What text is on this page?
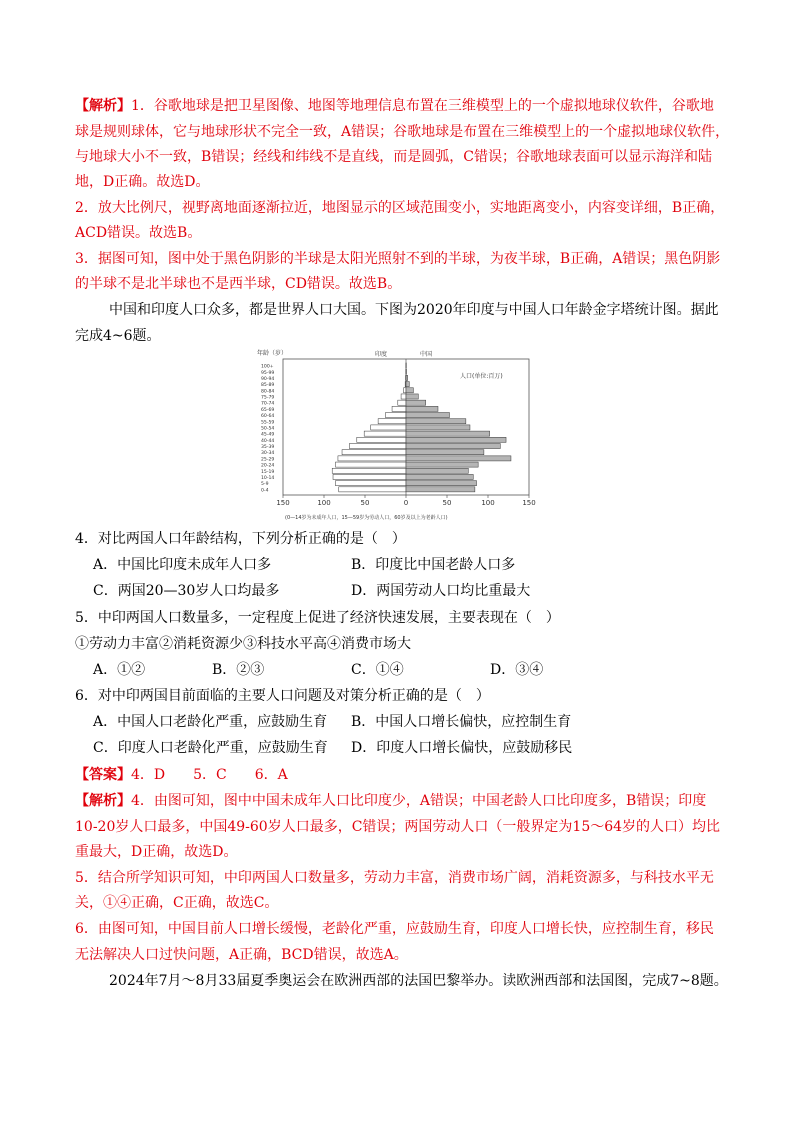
【解析】1．谷歌地球是把卫星图像、地图等地理信息布置在三维模型上的一个虚拟地球仪软件，谷歌地
球是规则球体，它与地球形状不完全一致，A错误；谷歌地球是布置在三维模型上的一个虚拟地球仪软件，
与地球大小不一致，B错误；经线和纬线不是直线，而是圆弧，C错误；谷歌地球表面可以显示海洋和陆
地，D正确。故选D。
2．放大比例尺，视野离地面逐渐拉近，地图显示的区域范围变小，实地距离变小，内容变详细，B正确，
ACD错误。故选B。
3．据图可知，图中处于黑色阴影的半球是太阳光照射不到的半球，为夜半球，B正确，A错误；黑色阴影
的半球不是北半球也不是西半球，CD错误。故选B。
中国和印度人口众多，都是世界人口大国。下图为2020年印度与中国人口年龄金字塔统计图。据此
完成4~6题。
年龄（岁）	印度	中国
人口(单位:百万)
0-4
5-9
10-14
15-19
20-24
25-29
30-34
35-39
40-44
45-49
50-54
55-59
60-64
65-69
70-74
75-79
80-84
85-89
90-94
95-99
100+
150	100	50	0	50	100	150
(0—14岁为未成年人口，15—59岁为劳动人口，60岁及以上为老龄人口)
4．对比两国人口年龄结构，下列分析正确的是（　）
A．中国比印度未成年人口多	B．印度比中国老龄人口多
C．两国20—30岁人口均最多	D．两国劳动人口均比重最大
5．中印两国人口数量多，一定程度上促进了经济快速发展，主要表现在（　）
①劳动力丰富②消耗资源少③科技水平高④消费市场大
A．①②	B．②③	C．①④	D．③④
6．对中印两国目前面临的主要人口问题及对策分析正确的是（　）
A．中国人口老龄化严重，应鼓励生育 B．中国人口增长偏快，应控制生育
C．印度人口老龄化严重，应鼓励生育 D．印度人口增长偏快，应鼓励移民
【答案】4．D　　5．C　　6．A
【解析】4．由图可知，图中中国未成年人口比印度少，A错误；中国老龄人口比印度多，B错误；印度
10-20岁人口最多，中国49-60岁人口最多，C错误；两国劳动人口（一般界定为15～64岁的人口）均比
重最大，D正确，故选D。
5．结合所学知识可知，中印两国人口数量多，劳动力丰富，消费市场广阔，消耗资源多，与科技水平无
关，①④正确，C正确，故选C。
6．由图可知，中国目前人口增长缓慢，老龄化严重，应鼓励生育，印度人口增长快，应控制生育，移民
无法解决人口过快问题，A正确，BCD错误，故选A。
2024年7月～8月33届夏季奥运会在欧洲西部的法国巴黎举办。读欧洲西部和法国图，完成7~8题。
